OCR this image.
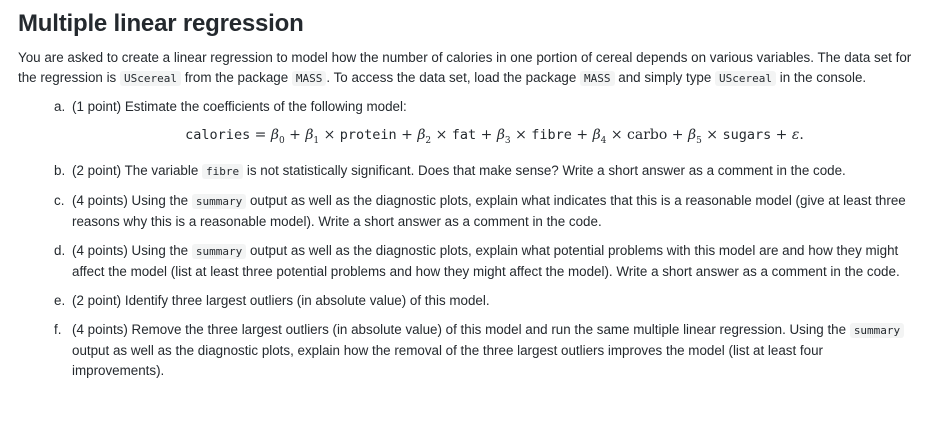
Multiple linear regression

You are asked to create a linear regression to model how the number of calories in one portion of cereal depends on various variables. The data set for the regression is UScereal from the package MASS . To access the data set, load the package MASS and simply type UScereal in the console.

a. (1 point) Estimate the coefficients of the following model:
calories = $\beta_0 + \beta_1$ × protein + $\beta_2$ × fat + $\beta_3$ × fibre + $\beta_4$ × carbo + $\beta_5$ × sugars + ε.
b. (2 point) The variable fibre is not statistically significant. Does that make sense? Write a short answer as a comment in the code.
c. (4 points) Using the summary output as well as the diagnostic plots, explain what indicates that this is a reasonable model (give at least three reasons why this is a reasonable model). Write a short answer as a comment in the code.
d. (4 points) Using the summary output as well as the diagnostic plots, explain what potential problems with this model are and how they might affect the model (list at least three potential problems and how they might affect the model). Write a short answer as a comment in the code.
e. (2 point) Identify three largest outliers (in absolute value) of this model.
f. (4 points) Remove the three largest outliers (in absolute value) of this model and run the same multiple linear regression. Using the summary output as well as the diagnostic plots, explain how the removal of the three largest outliers improves the model (list at least four improvements).
